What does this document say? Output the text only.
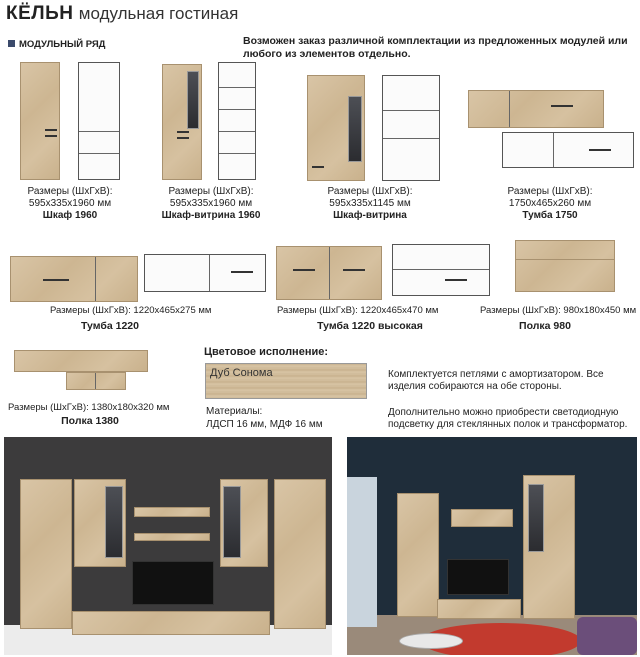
КЁЛЬН модульная гостиная
МОДУЛЬНЫЙ РЯД	Возможен заказ различной комплектации из предложенных модулей или любого из элементов отдельно.
Размеры (ШхГхВ):
595x335x1960 мм
Шкаф 1960
Размеры (ШхГхВ):
595x335x1960 мм
Шкаф-витрина 1960
Размеры (ШхГхВ):
595x335x1145 мм
Шкаф-витрина
Размеры (ШхГхВ):
1750x465x260 мм
Тумба 1750
Размеры (ШхГхВ): 1220x465x275 мм
Тумба 1220
Размеры (ШхГхВ): 1220x465x470 мм
Тумба 1220 высокая
Размеры (ШхГхВ): 980x180x450 мм
Полка 980
Размеры (ШхГхВ): 1380x180x320 мм
Полка 1380
Цветовое исполнение:
Дуб Сонома
Материалы:
ЛДСП 16 мм, МДФ 16 мм
Комплектуется петлями с амортизатором. Все изделия собираются на обе стороны.
Дополнительно можно приобрести светодиодную подсветку для стеклянных полок и трансформатор.
